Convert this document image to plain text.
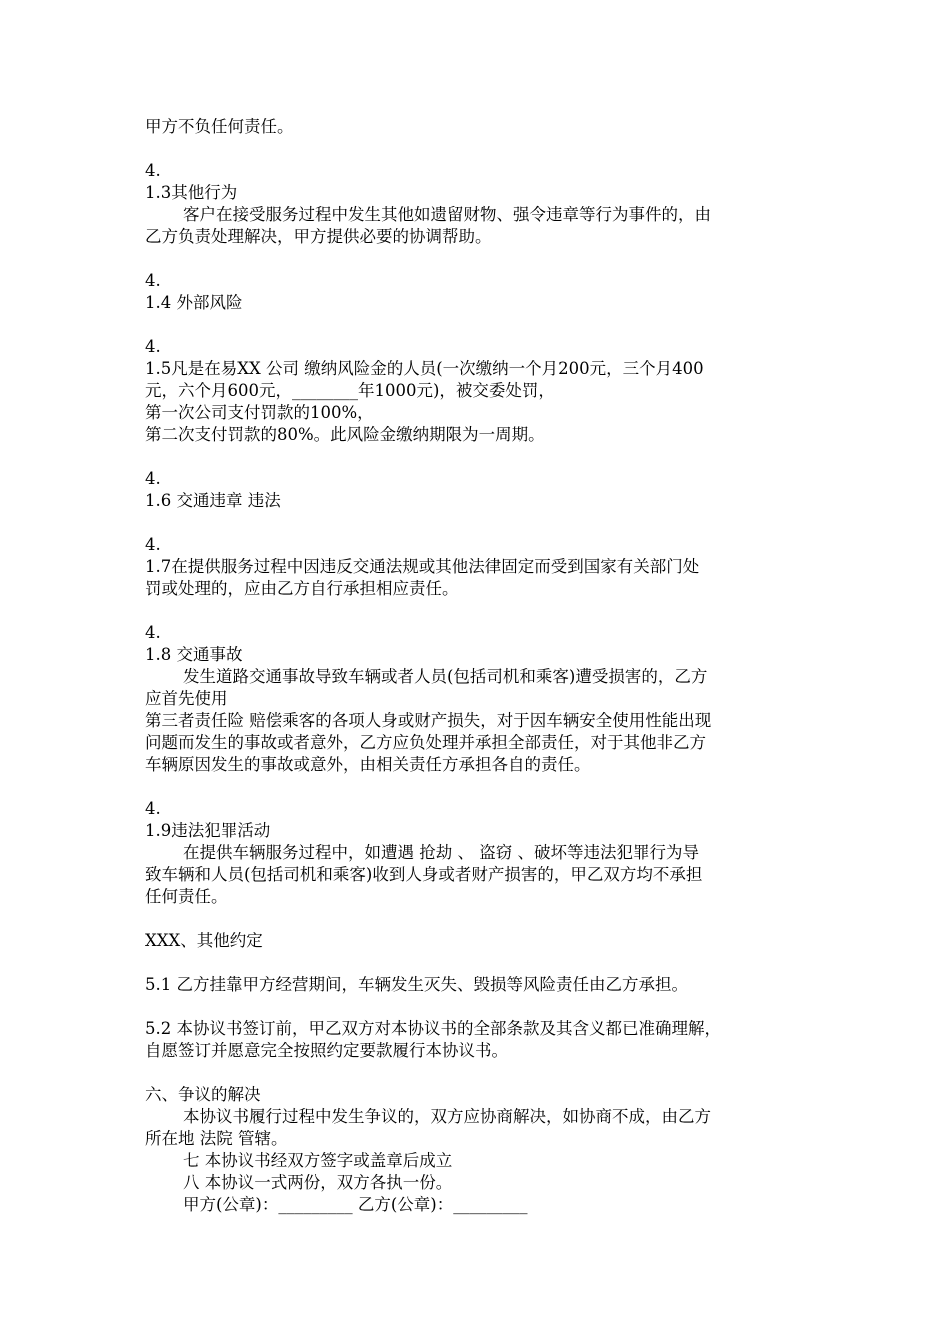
甲方不负任何责任。
4.
1.3其他行为
客户在接受服务过程中发生其他如遗留财物、强令违章等行为事件的，由
乙方负责处理解决，甲方提供必要的协调帮助。
4.
1.4 外部风险
4.
1.5凡是在易XX 公司 缴纳风险金的人员(一次缴纳一个月200元，三个月400
元，六个月600元，________年1000元)，被交委处罚，
第一次公司支付罚款的100%，
第二次支付罚款的80%。此风险金缴纳期限为一周期。
4.
1.6 交通违章 违法
4.
1.7在提供服务过程中因违反交通法规或其他法律固定而受到国家有关部门处
罚或处理的，应由乙方自行承担相应责任。
4.
1.8 交通事故
发生道路交通事故导致车辆或者人员(包括司机和乘客)遭受损害的，乙方
应首先使用
第三者责任险 赔偿乘客的各项人身或财产损失，对于因车辆安全使用性能出现
问题而发生的事故或者意外，乙方应负处理并承担全部责任，对于其他非乙方
车辆原因发生的事故或意外，由相关责任方承担各自的责任。
4.
1.9违法犯罪活动
在提供车辆服务过程中，如遭遇 抢劫 、 盗窃 、破坏等违法犯罪行为导
致车辆和人员(包括司机和乘客)收到人身或者财产损害的，甲乙双方均不承担
任何责任。
XXX、其他约定
5.1 乙方挂靠甲方经营期间，车辆发生灭失、毁损等风险责任由乙方承担。
5.2 本协议书签订前，甲乙双方对本协议书的全部条款及其含义都已准确理解，
自愿签订并愿意完全按照约定要款履行本协议书。
六、争议的解决
本协议书履行过程中发生争议的，双方应协商解决，如协商不成，由乙方
所在地 法院 管辖。
七 本协议书经双方签字或盖章后成立
八 本协议一式两份，双方各执一份。
甲方(公章)：_________ 乙方(公章)：_________
